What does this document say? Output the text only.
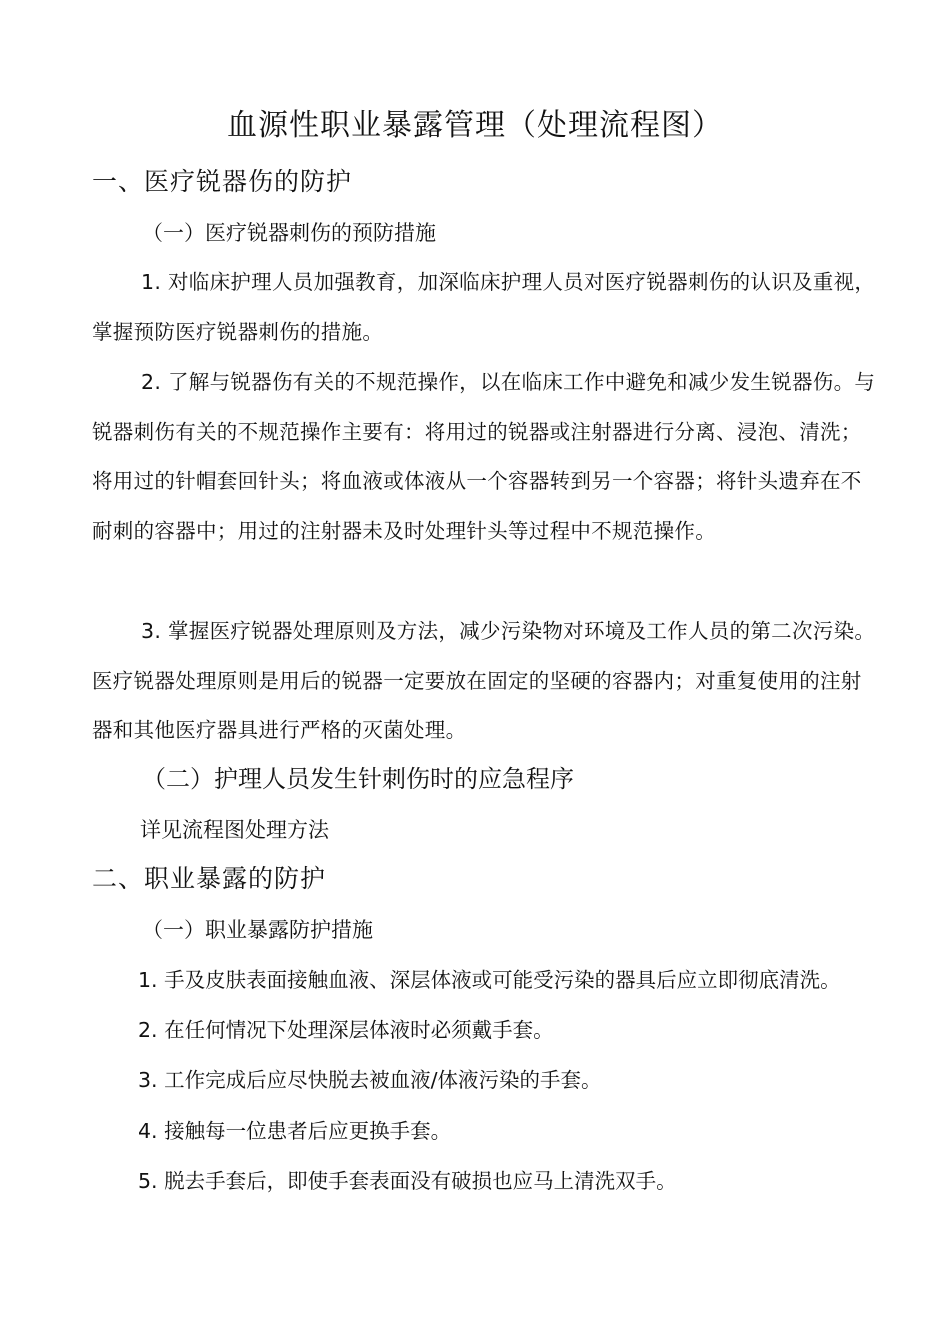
血源性职业暴露管理（处理流程图）
一、医疗锐器伤的防护
（一）医疗锐器刺伤的预防措施

1. 对临床护理人员加强教育，加深临床护理人员对医疗锐器刺伤的认识及重视，掌握预防医疗锐器刺伤的措施。

2. 了解与锐器伤有关的不规范操作，以在临床工作中避免和减少发生锐器伤。与锐器刺伤有关的不规范操作主要有：将用过的锐器或注射器进行分离、浸泡、清洗；将用过的针帽套回针头；将血液或体液从一个容器转到另一个容器；将针头遗弃在不耐刺的容器中；用过的注射器未及时处理针头等过程中不规范操作。

3. 掌握医疗锐器处理原则及方法，减少污染物对环境及工作人员的第二次污染。医疗锐器处理原则是用后的锐器一定要放在固定的坚硬的容器内；对重复使用的注射器和其他医疗器具进行严格的灭菌处理。

（二）护理人员发生针刺伤时的应急程序
详见流程图处理方法
二、职业暴露的防护
（一）职业暴露防护措施
1. 手及皮肤表面接触血液、深层体液或可能受污染的器具后应立即彻底清洗。
2. 在任何情况下处理深层体液时必须戴手套。
3. 工作完成后应尽快脱去被血液/体液污染的手套。
4. 接触每一位患者后应更换手套。
5. 脱去手套后，即使手套表面没有破损也应马上清洗双手。
